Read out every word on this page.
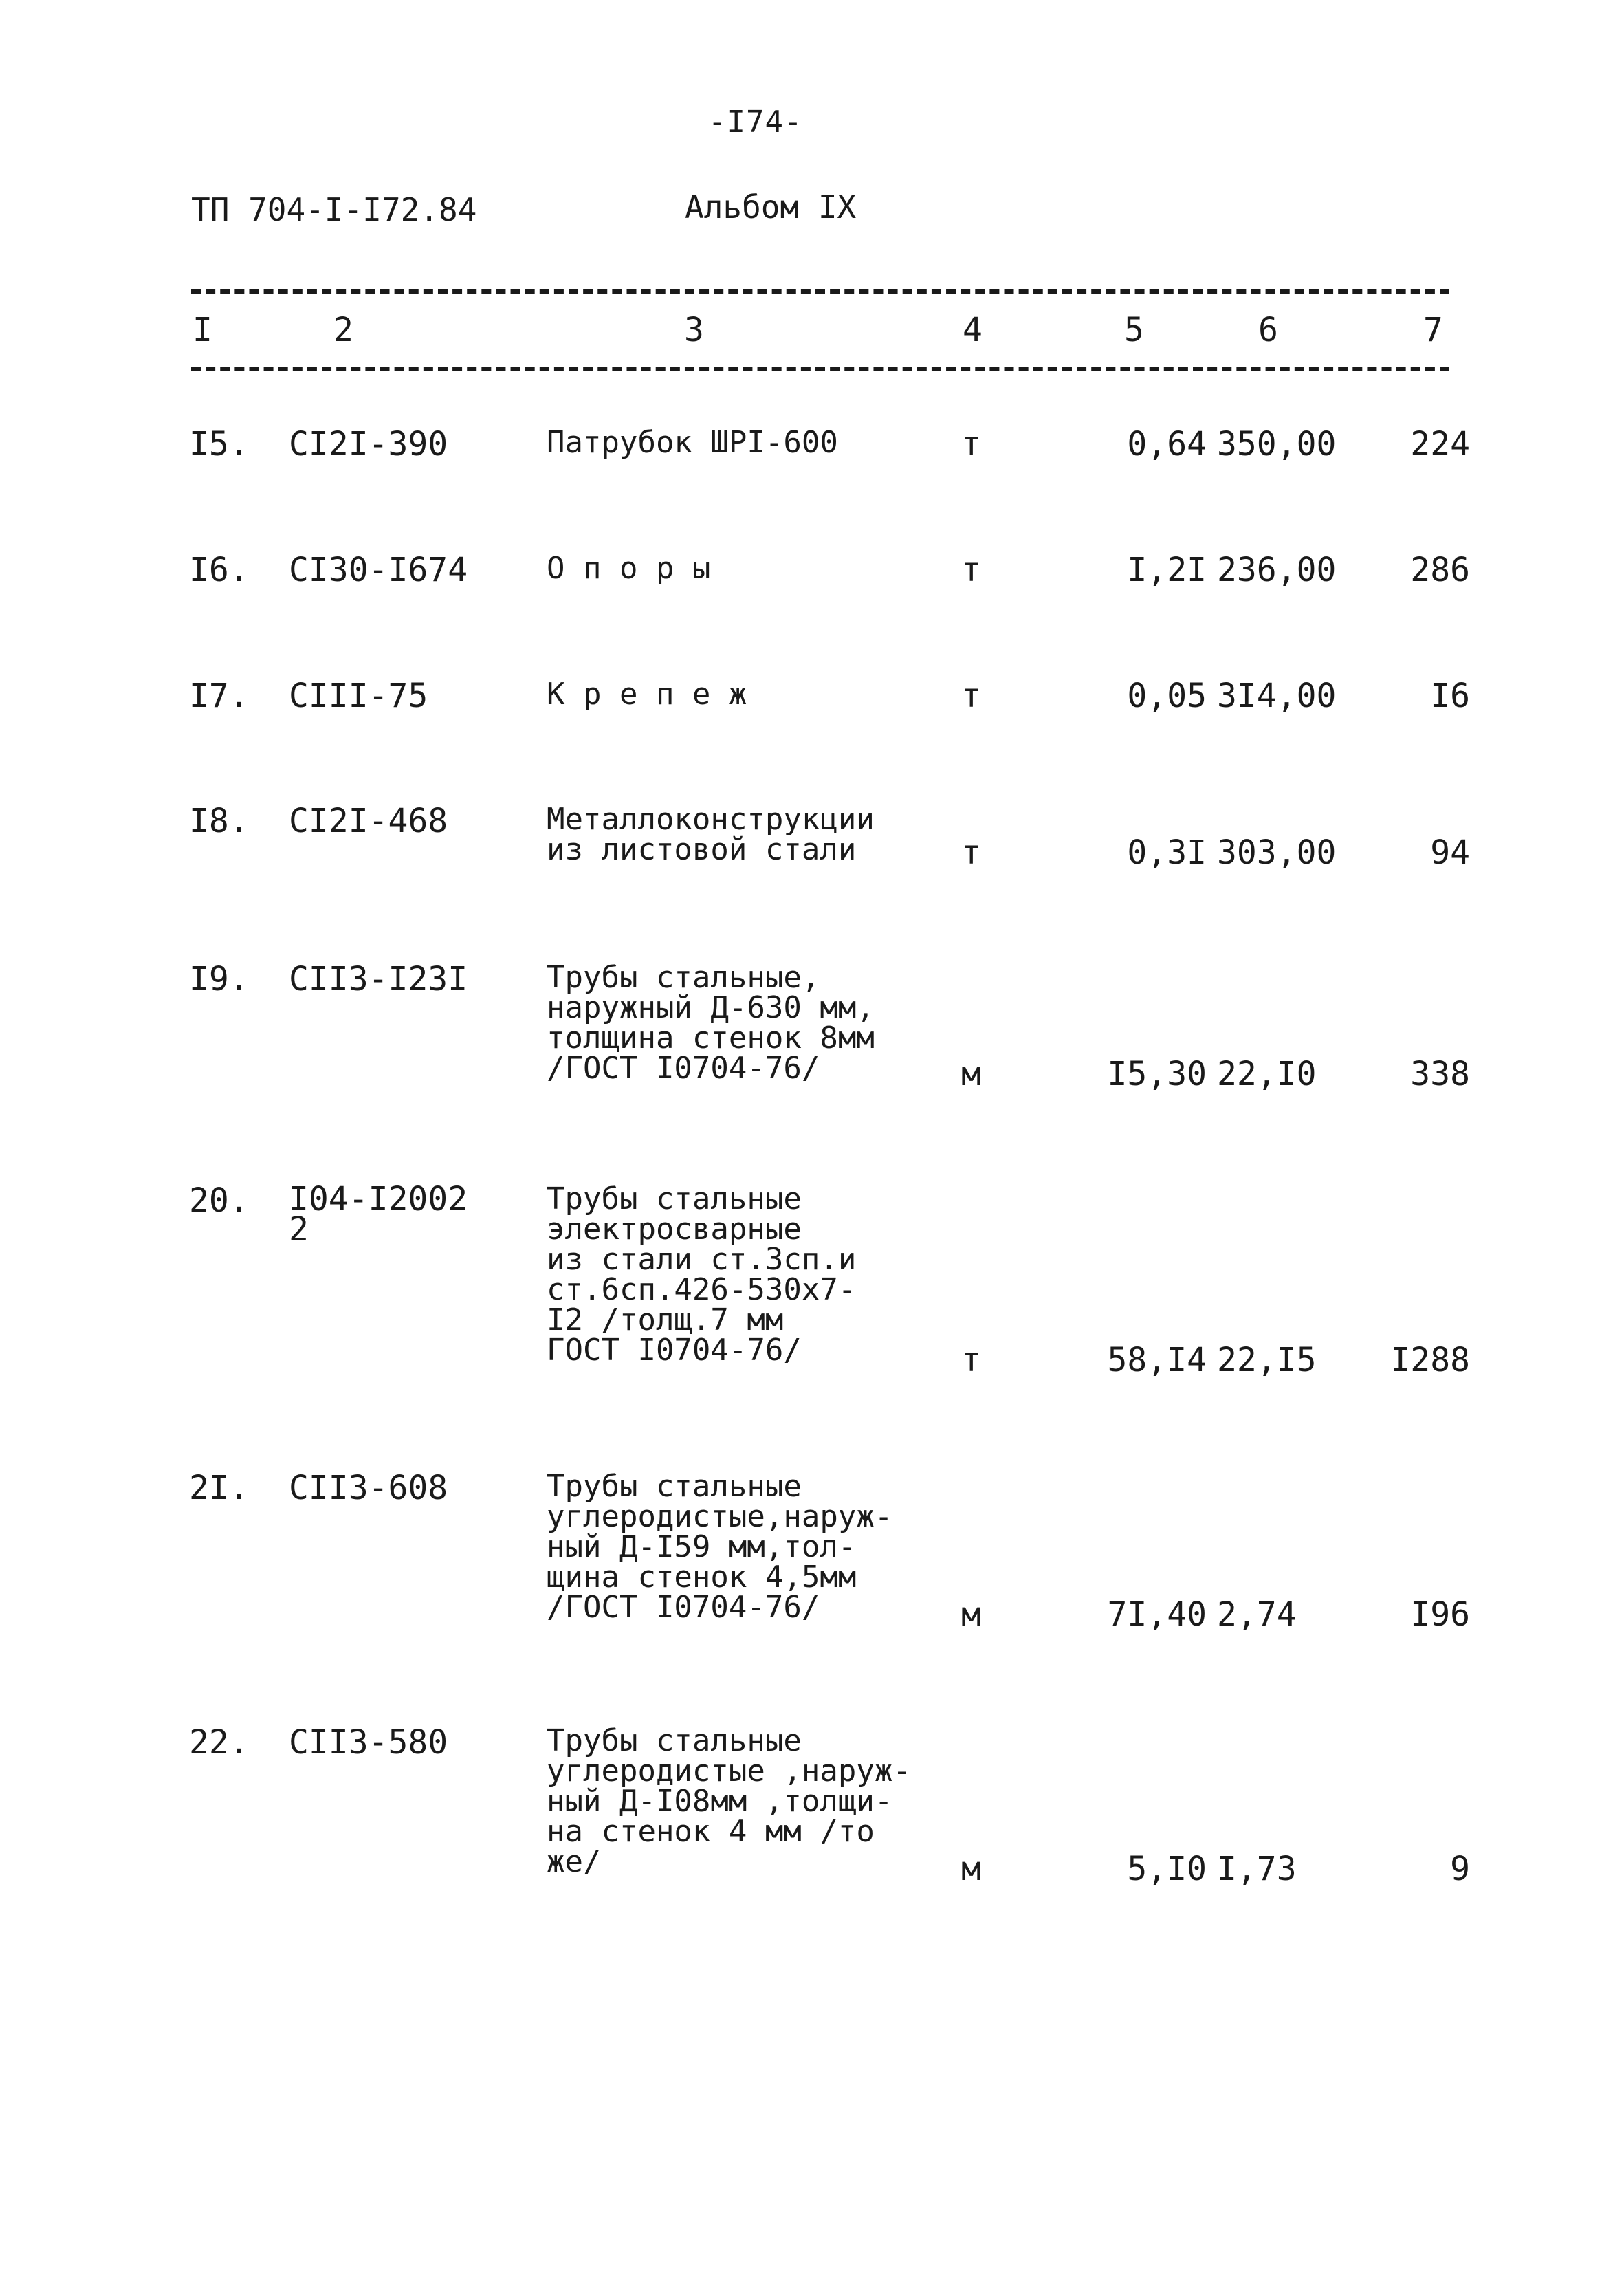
-I74-
ТП 704-I-I72.84	Альбом IX
I	2	3	4	5	6	7
I5. CI2I-390	Патрубок ШРI-600	т	0,64 350,00	224
I6. CI30-I674	О п о р ы	т	I,2I 236,00	286
I7. CIII-75	К р е п е ж	т	0,05 3I4,00	I6
I8. CI2I-468	Металлоконструкции
из листовой стали	т	0,3I 303,00	94
I9. CII3-I23I	Трубы стальные,
наружный Д-630 мм,
толщина стенок 8мм
/ГОСТ I0704-76/	м	I5,30 22,I0	338
20. I04-I2002
2
Трубы стальные
электросварные
из стали ст.3сп.и
ст.6сп.426-530х7-
I2 /толщ.7 мм
ГОСТ I0704-76/	т	58,I4 22,I5	I288
2I. CII3-608	Трубы стальные
углеродистые,наруж-
ный Д-I59 мм,тол-
щина стенок 4,5мм
/ГОСТ I0704-76/	м	7I,40 2,74	I96
22. CII3-580	Трубы стальные
углеродистые ,наруж-
ный Д-I08мм ,толщи-
на стенок 4 мм /то
же/	м	5,I0 I,73	9
